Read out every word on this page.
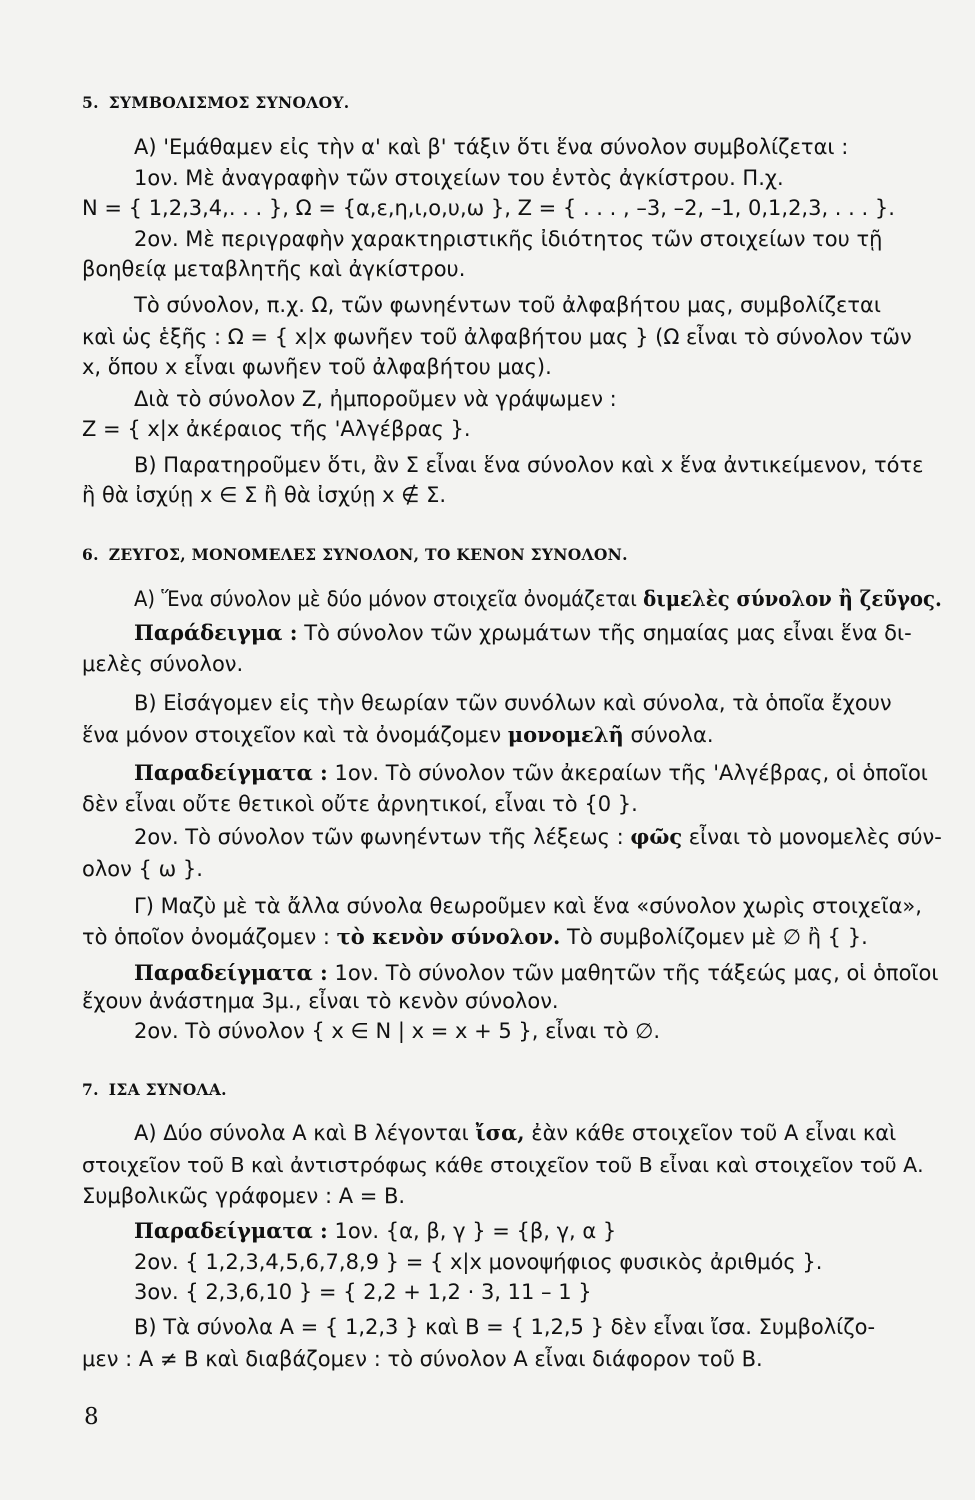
5. ΣΥΜΒΟΛΙΣΜΟΣ ΣΥΝΟΛΟΥ.
Α) 'Εμάθαμεν εἰς τὴν α' καὶ β' τάξιν ὅτι ἕνα σύνολον συμβολίζεται :
1ον. Μὲ ἀναγραφὴν τῶν στοιχείων του ἐντὸς ἀγκίστρου. Π.χ.
N = { 1,2,3,4,. . . }, Ω = {α,ε,η,ι,ο,υ,ω }, Z = { . . . , –3, –2, –1, 0,1,2,3, . . . }.
2ον. Μὲ περιγραφὴν χαρακτηριστικῆς ἰδιότητος τῶν στοιχείων του τῇ
βοηθείᾳ μεταβλητῆς καὶ ἀγκίστρου.
Τὸ σύνολον, π.χ. Ω, τῶν φωνηέντων τοῦ ἀλφαβήτου μας, συμβολίζεται
καὶ ὡς ἑξῆς : Ω = { x|x φωνῆεν τοῦ ἀλφαβήτου μας } (Ω εἶναι τὸ σύνολον τῶν
x, ὅπου x εἶναι φωνῆεν τοῦ ἀλφαβήτου μας).
Διὰ τὸ σύνολον Z, ἠμποροῦμεν νὰ γράψωμεν :
Z = { x|x ἀκέραιος τῆς 'Αλγέβρας }.
Β) Παρατηροῦμεν ὅτι, ἂν Σ εἶναι ἕνα σύνολον καὶ x ἕνα ἀντικείμενον, τότε
ἢ θὰ ἰσχύῃ x ∈ Σ ἢ θὰ ἰσχύῃ x ∉ Σ.
6. ΖΕΥΓΟΣ, ΜΟΝΟΜΕΛΕΣ ΣΥΝΟΛΟΝ, ΤΟ ΚΕΝΟΝ ΣΥΝΟΛΟΝ.
Α) Ἕνα σύνολον μὲ δύο μόνον στοιχεῖα ὀνομάζεται διμελὲς σύνολον ἢ ζεῦγος.
Παράδειγμα : Τὸ σύνολον τῶν χρωμάτων τῆς σημαίας μας εἶναι ἕνα δι-
μελὲς σύνολον.
Β) Εἰσάγομεν εἰς τὴν θεωρίαν τῶν συνόλων καὶ σύνολα, τὰ ὁποῖα ἔχουν
ἕνα μόνον στοιχεῖον καὶ τὰ ὀνομάζομεν μονομελῆ σύνολα.
Παραδείγματα : 1ον. Τὸ σύνολον τῶν ἀκεραίων τῆς 'Αλγέβρας, οἱ ὁποῖοι
δὲν εἶναι οὔτε θετικοὶ οὔτε ἀρνητικοί, εἶναι τὸ {0 }.
2ον. Τὸ σύνολον τῶν φωνηέντων τῆς λέξεως : φῶς εἶναι τὸ μονομελὲς σύν-
ολον { ω }.
Γ) Μαζὺ μὲ τὰ ἄλλα σύνολα θεωροῦμεν καὶ ἕνα «σύνολον χωρὶς στοιχεῖα»,
τὸ ὁποῖον ὀνομάζομεν : τὸ κενὸν σύνολον. Τὸ συμβολίζομεν μὲ ∅ ἢ { }.
Παραδείγματα : 1ον. Τὸ σύνολον τῶν μαθητῶν τῆς τάξεώς μας, οἱ ὁποῖοι
ἔχουν ἀνάστημα 3μ., εἶναι τὸ κενὸν σύνολον.
2ον. Τὸ σύνολον { x ∈ N | x = x + 5 }, εἶναι τὸ ∅.
7. ΙΣΑ ΣΥΝΟΛΑ.
Α) Δύο σύνολα Α καὶ Β λέγονται ἴσα, ἐὰν κάθε στοιχεῖον τοῦ Α εἶναι καὶ
στοιχεῖον τοῦ Β καὶ ἀντιστρόφως κάθε στοιχεῖον τοῦ Β εἶναι καὶ στοιχεῖον τοῦ Α.
Συμβολικῶς γράφομεν : Α = Β.
Παραδείγματα : 1ον. {α, β, γ } = {β, γ, α }
2ον. { 1,2,3,4,5,6,7,8,9 } = { x|x μονοψήφιος φυσικὸς ἀριθμός }.
3ον. { 2,3,6,10 } = { 2,2 + 1,2 · 3, 11 – 1 }
Β) Τὰ σύνολα Α = { 1,2,3 } καὶ Β = { 1,2,5 } δὲν εἶναι ἴσα. Συμβολίζο-
μεν : Α ≠ Β καὶ διαβάζομεν : τὸ σύνολον Α εἶναι διάφορον τοῦ Β.
8
